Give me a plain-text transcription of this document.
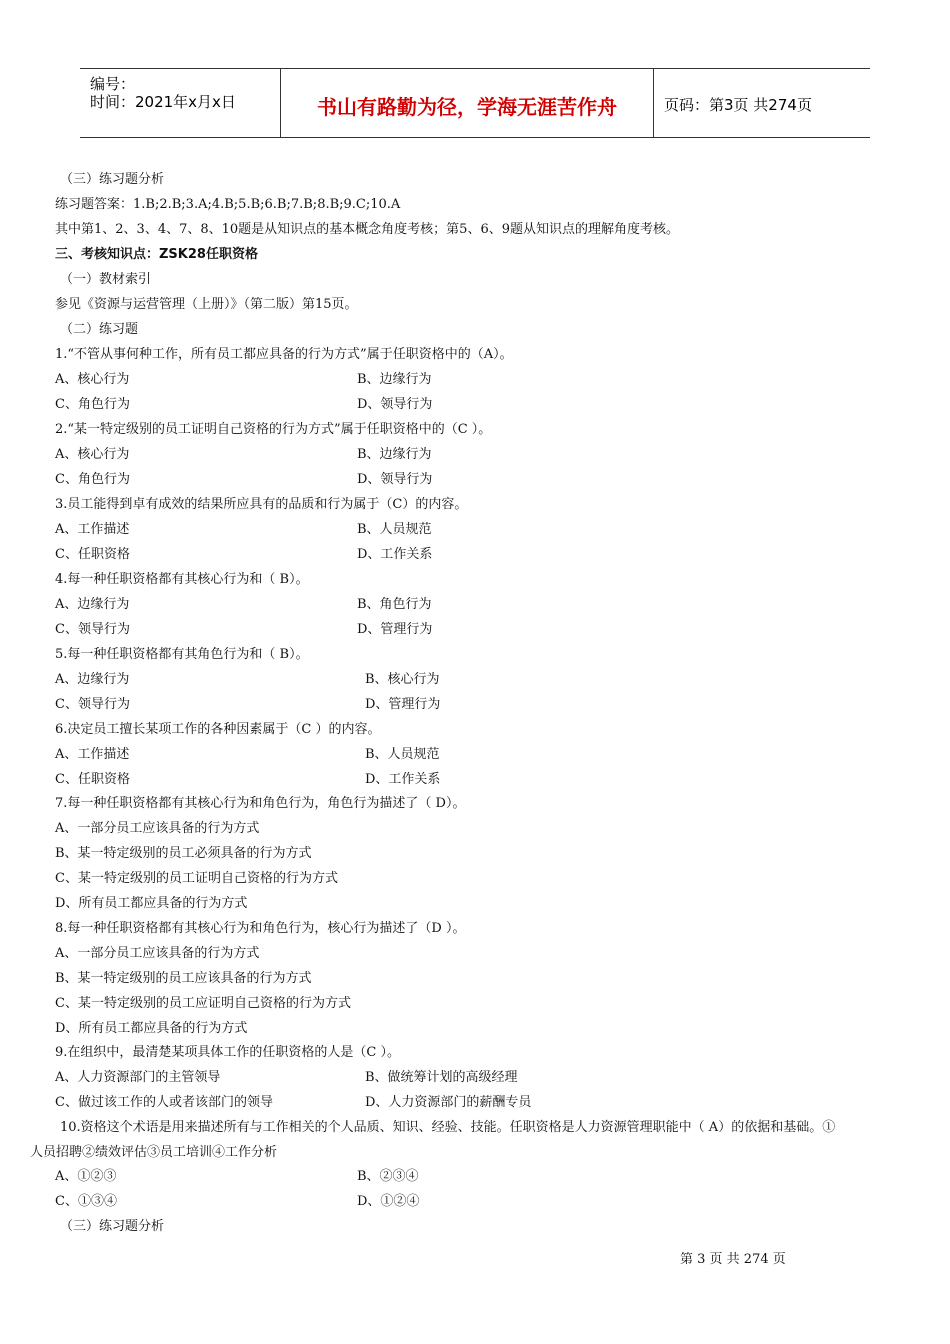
编号：
时间：2021年x月x日	书山有路勤为径，学海无涯苦作舟	页码：第3页 共274页
（三）练习题分析
练习题答案：1.B;2.B;3.A;4.B;5.B;6.B;7.B;8.B;9.C;10.A
其中第1、2、3、4、7、8、10题是从知识点的基本概念角度考核；第5、6、9题从知识点的理解角度考核。
三、考核知识点：ZSK28任职资格
（一）教材索引
参见《资源与运营管理（上册）》（第二版）第15页。
（二）练习题
1.“不管从事何种工作，所有员工都应具备的行为方式”属于任职资格中的（A）。
A、核心行为	B、边缘行为
C、角色行为	D、领导行为
2.“某一特定级别的员工证明自己资格的行为方式”属于任职资格中的（C ）。
A、核心行为	B、边缘行为
C、角色行为	D、领导行为
3.员工能得到卓有成效的结果所应具有的品质和行为属于（C）的内容。
A、工作描述	B、人员规范
C、任职资格	D、工作关系
4.每一种任职资格都有其核心行为和（ B）。
A、边缘行为	B、角色行为
C、领导行为	D、管理行为
5.每一种任职资格都有其角色行为和（ B）。
A、边缘行为	B、核心行为
C、领导行为	D、管理行为
6.决定员工擅长某项工作的各种因素属于（C ）的内容。
A、工作描述	B、人员规范
C、任职资格	D、工作关系
7.每一种任职资格都有其核心行为和角色行为，角色行为描述了（ D）。
A、一部分员工应该具备的行为方式
B、某一特定级别的员工必须具备的行为方式
C、某一特定级别的员工证明自己资格的行为方式
D、所有员工都应具备的行为方式
8.每一种任职资格都有其核心行为和角色行为，核心行为描述了（D ）。
A、一部分员工应该具备的行为方式
B、某一特定级别的员工应该具备的行为方式
C、某一特定级别的员工应证明自己资格的行为方式
D、所有员工都应具备的行为方式
9.在组织中，最清楚某项具体工作的任职资格的人是（C ）。
A、人力资源部门的主管领导	B、做统筹计划的高级经理
C、做过该工作的人或者该部门的领导	D、人力资源部门的薪酬专员
10.资格这个术语是用来描述所有与工作相关的个人品质、知识、经验、技能。任职资格是人力资源管理职能中（ A）的依据和基础。①
人员招聘②绩效评估③员工培训④工作分析
A、①②③	B、②③④
C、①③④	D、①②④
（三）练习题分析
第 3 页 共 274 页
